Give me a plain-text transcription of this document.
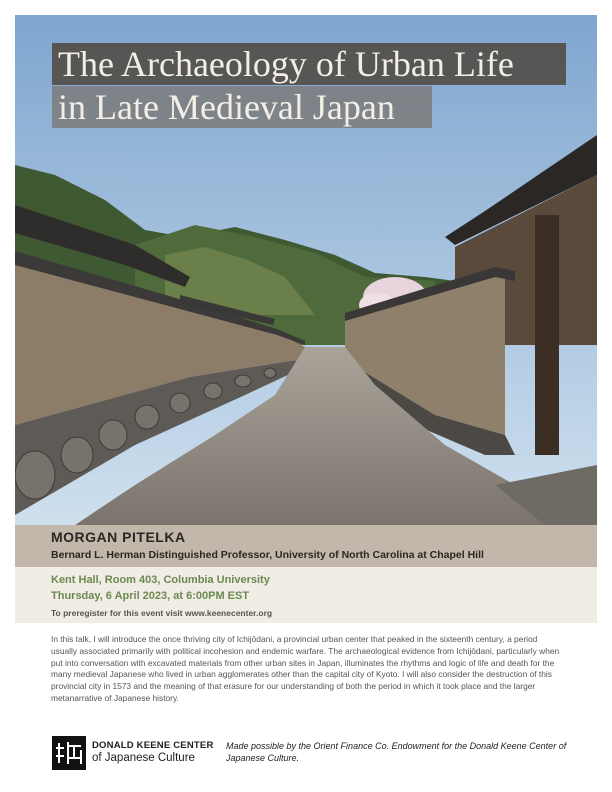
The Archaeology of Urban Life
in Late Medieval Japan
MORGAN PITELKA
Bernard L. Herman Distinguished Professor, University of North Carolina at Chapel Hill
Kent Hall, Room 403, Columbia University
Thursday, 6 April 2023, at 6:00PM EST
To preregister for this event visit www.keenecenter.org

In this talk, I will introduce the once thriving city of Ichijōdani, a provincial urban center that peaked in the sixteenth century, a period usually associated primarily with political incohesion and endemic warfare. The archaeological evidence from Ichijōdani, particularly when put into conversation with excavated materials from other urban sites in Japan, illuminates the rhythms and logic of life and death for the many medieval Japanese who lived in urban agglomerates other than the capital city of Kyoto. I will also consider the destruction of this provincial city in 1573 and the meaning of that erasure for our understanding of both the period in which it took place and the larger metanarrative of Japanese history.

DONALD KEENE CENTER
of Japanese Culture

Made possible by the Orient Finance Co. Endowment for the Donald Keene Center of Japanese Culture.
